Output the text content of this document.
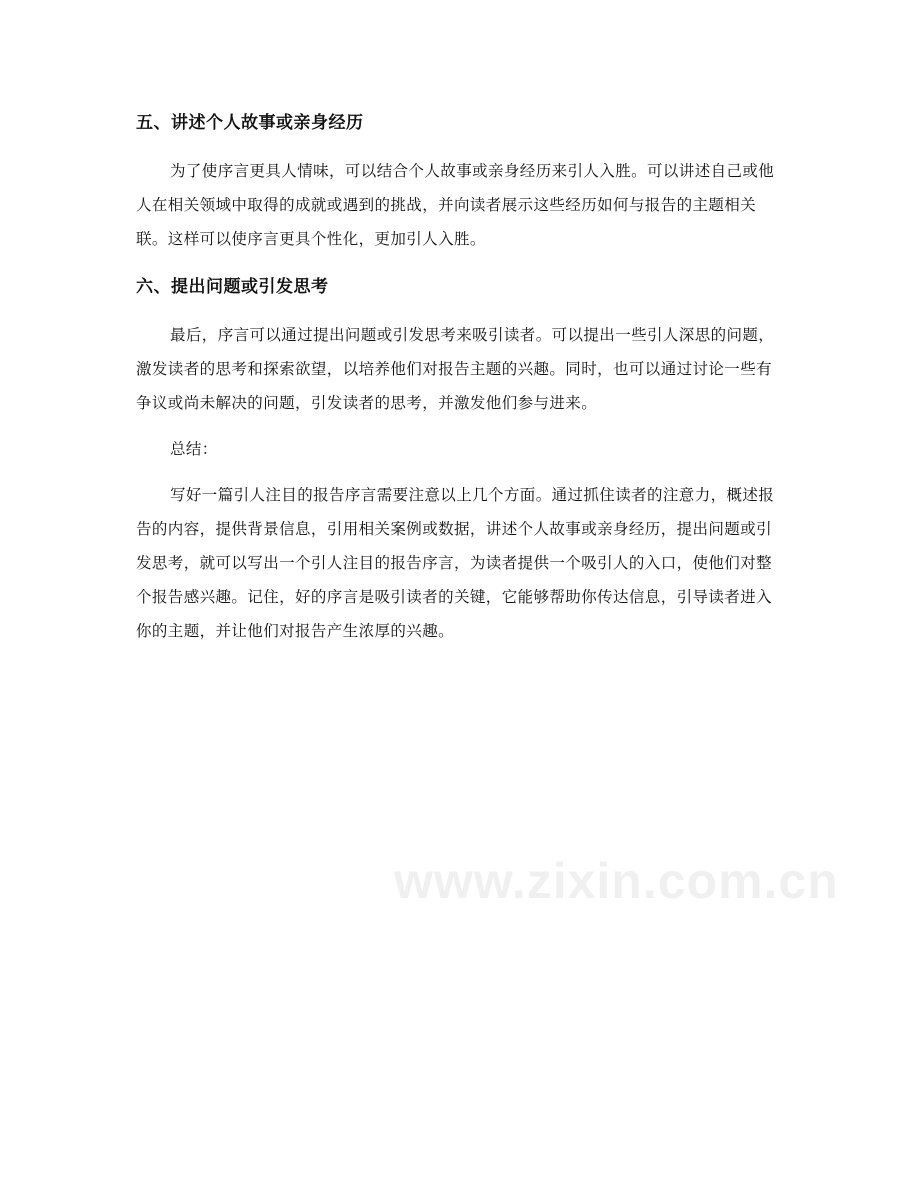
五、讲述个人故事或亲身经历

为了使序言更具人情味，可以结合个人故事或亲身经历来引人入胜。可以讲述自己或他人在相关领域中取得的成就或遇到的挑战，并向读者展示这些经历如何与报告的主题相关联。这样可以使序言更具个性化，更加引人入胜。

六、提出问题或引发思考

最后，序言可以通过提出问题或引发思考来吸引读者。可以提出一些引人深思的问题，激发读者的思考和探索欲望，以培养他们对报告主题的兴趣。同时，也可以通过讨论一些有争议或尚未解决的问题，引发读者的思考，并激发他们参与进来。

总结：

写好一篇引人注目的报告序言需要注意以上几个方面。通过抓住读者的注意力，概述报告的内容，提供背景信息，引用相关案例或数据，讲述个人故事或亲身经历，提出问题或引发思考，就可以写出一个引人注目的报告序言，为读者提供一个吸引人的入口，使他们对整个报告感兴趣。记住，好的序言是吸引读者的关键，它能够帮助你传达信息，引导读者进入你的主题，并让他们对报告产生浓厚的兴趣。

www.zixin.com.cn
